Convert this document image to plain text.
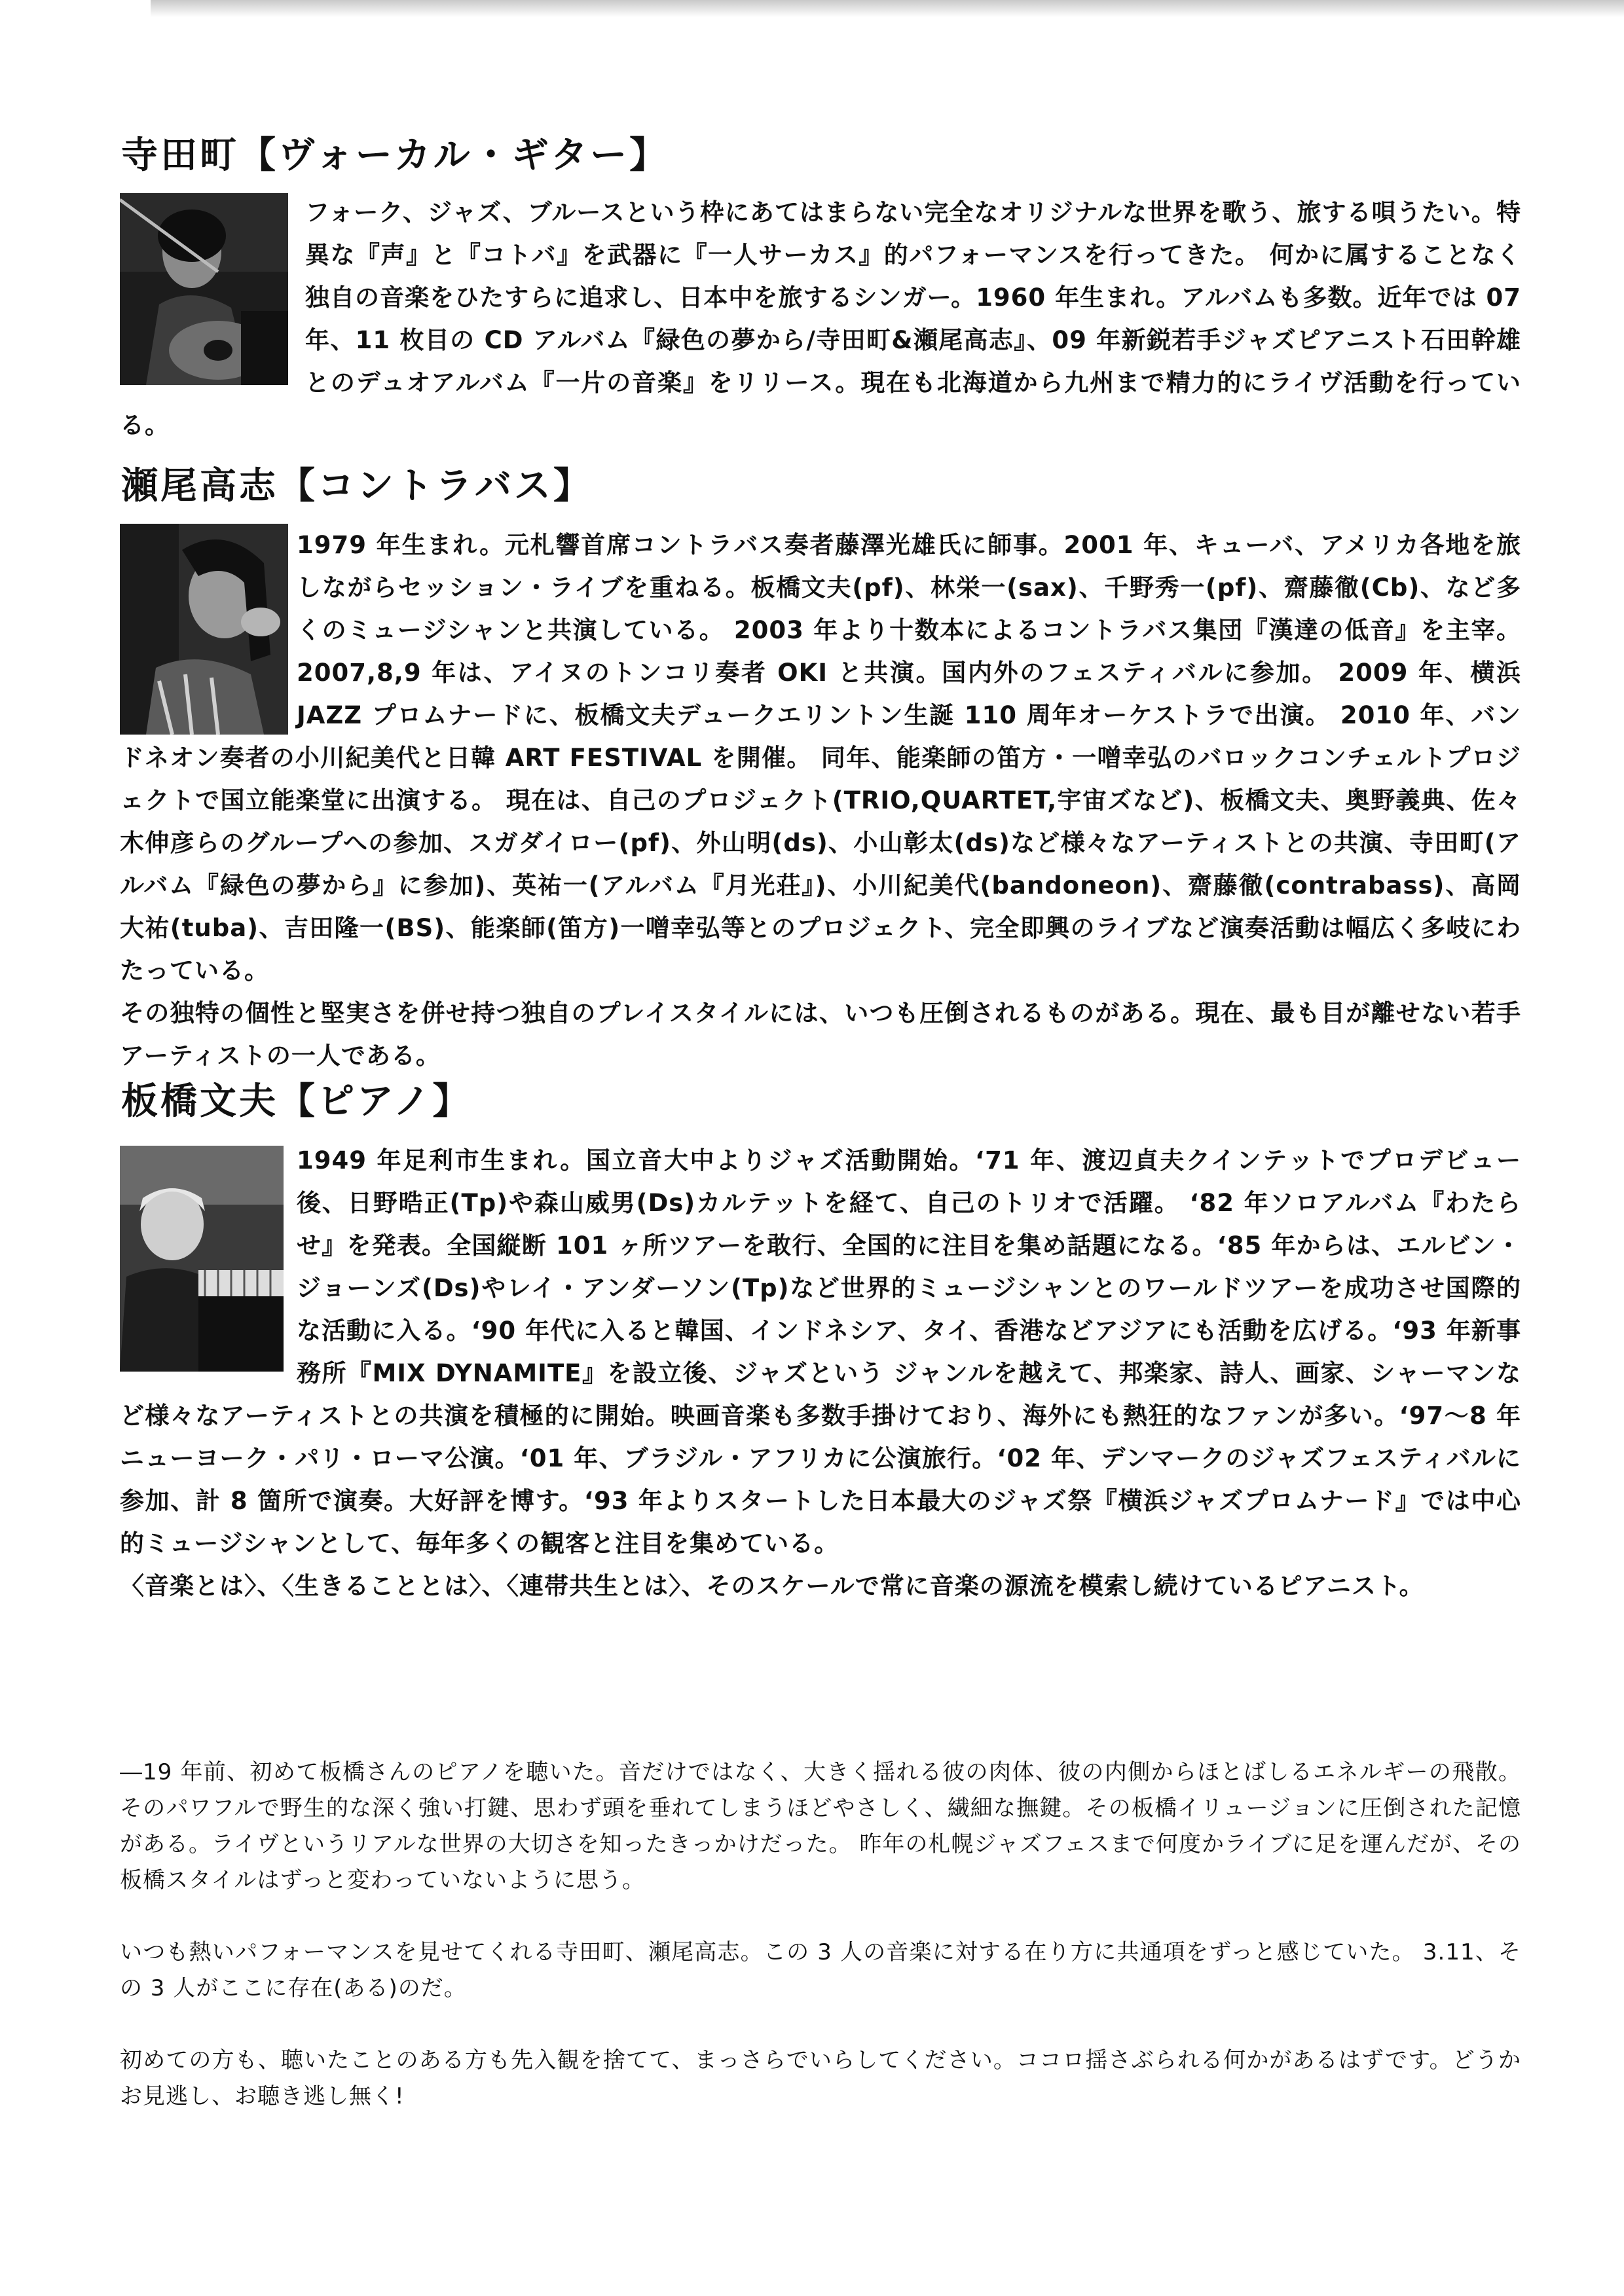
寺田町【ヴォーカル・ギター】

フォーク、ジャズ、ブルースという枠にあてはまらない完全なオリジナルな世界を歌う、旅する唄うたい。特異な『声』と『コトバ』を武器に『一人サーカス』的パフォーマンスを行ってきた。 何かに属することなく独自の音楽をひたすらに追求し、日本中を旅するシンガー。1960 年生まれ。アルバムも多数。近年では 07 年、11 枚目の CD アルバム『緑色の夢から/寺田町&瀬尾高志』、09 年新鋭若手ジャズピアニスト石田幹雄とのデュオアルバム『一片の音楽』をリリース。現在も北海道から九州まで精力的にライヴ活動を行っている。

瀬尾高志【コントラバス】

1979 年生まれ。元札響首席コントラバス奏者藤澤光雄氏に師事。2001 年、キューバ、アメリカ各地を旅しながらセッション・ライブを重ねる。板橋文夫(pf)、林栄一(sax)、千野秀一(pf)、齋藤徹(Cb)、など多くのミュージシャンと共演している。 2003 年より十数本によるコントラバス集団『漢達の低音』を主宰。2007,8,9 年は、アイヌのトンコリ奏者 OKI と共演。国内外のフェスティバルに参加。 2009 年、横浜 JAZZ プロムナードに、板橋文夫デュークエリントン生誕 110 周年オーケストラで出演。 2010 年、バンドネオン奏者の小川紀美代と日韓 ART FESTIVAL を開催。 同年、能楽師の笛方・一噌幸弘のバロックコンチェルトプロジェクトで国立能楽堂に出演する。 現在は、自己のプロジェクト(TRIO,QUARTET,宇宙ズなど)、板橋文夫、奥野義典、佐々木伸彦らのグループへの参加、スガダイロー(pf)、外山明(ds)、小山彰太(ds)など様々なアーティストとの共演、寺田町(アルバム『緑色の夢から』に参加)、英祐一(アルバム『月光荘』)、小川紀美代(bandoneon)、齋藤徹(contrabass)、高岡大祐(tuba)、吉田隆一(BS)、能楽師(笛方)一噌幸弘等とのプロジェクト、完全即興のライブなど演奏活動は幅広く多岐にわたっている。

その独特の個性と堅実さを併せ持つ独自のプレイスタイルには、いつも圧倒されるものがある。現在、最も目が離せない若手アーティストの一人である。

板橋文夫【ピアノ】

1949 年足利市生まれ。国立音大中よりジャズ活動開始。‘71 年、渡辺貞夫クインテットでプロデビュー後、日野晧正(Tp)や森山威男(Ds)カルテットを経て、自己のトリオで活躍。 ‘82 年ソロアルバム『わたらせ』を発表。全国縦断 101 ヶ所ツアーを敢行、全国的に注目を集め話題になる。‘85 年からは、エルビン・ジョーンズ(Ds)やレイ・アンダーソン(Tp)など世界的ミュージシャンとのワールドツアーを成功させ国際的な活動に入る。‘90 年代に入ると韓国、インドネシア、タイ、香港などアジアにも活動を広げる。‘93 年新事務所『MIX DYNAMITE』を設立後、ジャズという ジャンルを越えて、邦楽家、詩人、画家、シャーマンなど様々なアーティストとの共演を積極的に開始。映画音楽も多数手掛けており、海外にも熱狂的なファンが多い。‘97〜8 年ニューヨーク・パリ・ローマ公演。‘01 年、ブラジル・アフリカに公演旅行。‘02 年、デンマークのジャズフェスティバルに参加、計 8 箇所で演奏。大好評を博す。‘93 年よりスタートした日本最大のジャズ祭『横浜ジャズプロムナード』では中心的ミュージシャンとして、毎年多くの観客と注目を集めている。

〈音楽とは〉、〈生きることとは〉、〈連帯共生とは〉、そのスケールで常に音楽の源流を模索し続けているピアニスト。

―19 年前、初めて板橋さんのピアノを聴いた。音だけではなく、大きく揺れる彼の肉体、彼の内側からほとばしるエネルギーの飛散。そのパワフルで野生的な深く強い打鍵、思わず頭を垂れてしまうほどやさしく、繊細な撫鍵。その板橋イリュージョンに圧倒された記憶がある。ライヴというリアルな世界の大切さを知ったきっかけだった。 昨年の札幌ジャズフェスまで何度かライブに足を運んだが、その板橋スタイルはずっと変わっていないように思う。

いつも熱いパフォーマンスを見せてくれる寺田町、瀬尾高志。この 3 人の音楽に対する在り方に共通項をずっと感じていた。 3.11、その 3 人がここに存在(ある)のだ。

初めての方も、聴いたことのある方も先入観を捨てて、まっさらでいらしてください。ココロ揺さぶられる何かがあるはずです。どうかお見逃し、お聴き逃し無く!
